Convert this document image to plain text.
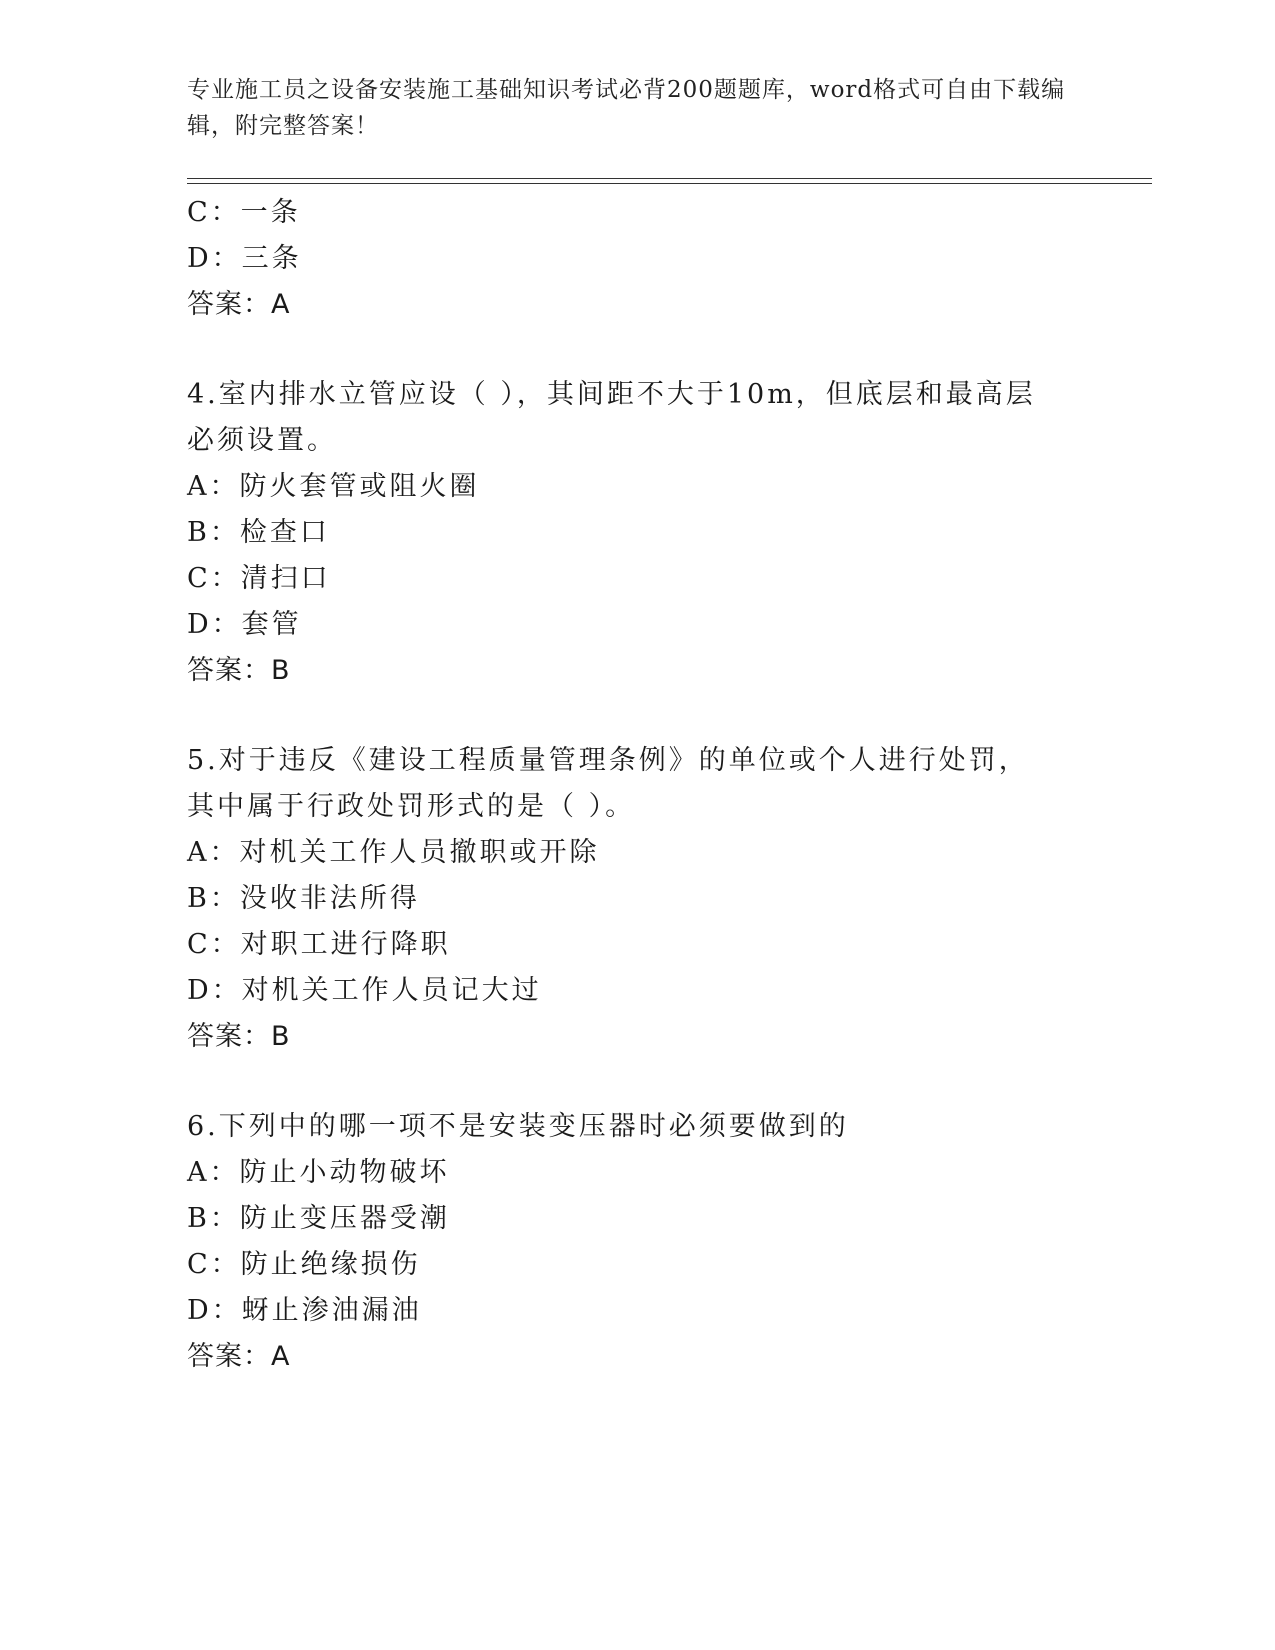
专业施工员之设备安装施工基础知识考试必背200题题库，word格式可自由下载编辑，附完整答案！
C：一条
D：三条
答案：A
4.室内排水立管应设（ ），其间距不大于10m，但底层和最高层必须设置。
A：防火套管或阻火圈
B：检查口
C：清扫口
D：套管
答案：B
5.对于违反《建设工程质量管理条例》的单位或个人进行处罚，其中属于行政处罚形式的是（ ）。
A：对机关工作人员撤职或开除
B：没收非法所得
C：对职工进行降职
D：对机关工作人员记大过
答案：B
6.下列中的哪一项不是安装变压器时必须要做到的
A：防止小动物破坏
B：防止变压器受潮
C：防止绝缘损伤
D：蚜止渗油漏油
答案：A
